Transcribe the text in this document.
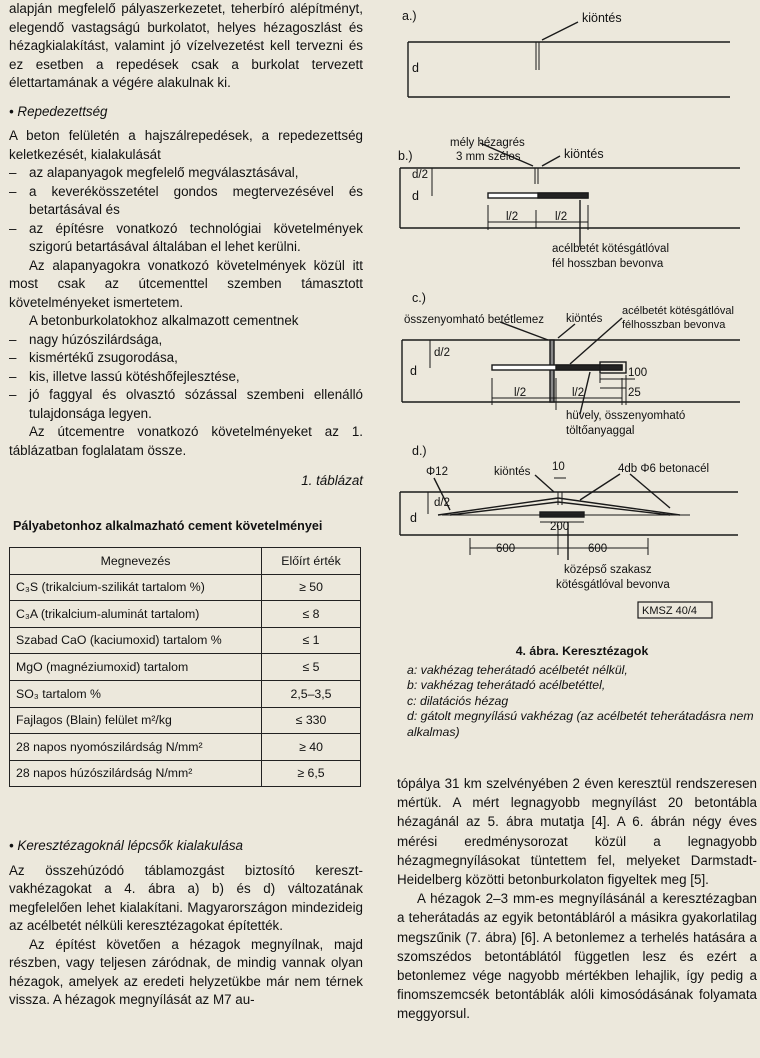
alapján megfelelő pályaszerkezetet, teherbíró alépítményt, elegendő vastagságú burkolatot, helyes hézagoszlást és hézagkialakítást, valamint jó vízelvezetést kell tervezni és ez esetben a repedések csak a burkolat tervezett élettartamának a végére alakulnak ki.

• Repedezettség

A beton felületén a hajszálrepedések, a repedezettség keletkezését, kialakulását

– az alapanyagok megfelelő megválasztásával,
– a keverékösszetétel gondos megtervezésével és betartásával és
– az építésre vonatkozó technológiai követelmények szigorú betartásával általában el lehet kerülni.

Az alapanyagokra vonatkozó követelmények közül itt most csak az útcementtel szemben támasztott követelményeket ismertetem.

A betonburkolatokhoz alkalmazott cementnek

– nagy húzószilárdsága,
– kismértékű zsugorodása,
– kis, illetve lassú kötéshőfejlesztése,
– jó faggyal és olvasztó sózással szembeni ellenálló tulajdonsága legyen.

Az útcementre vonatkozó követelményeket az 1. táblázatban foglalatam össze.

1. táblázat

Pályabetonhoz alkalmazható cement követelményei

Megnevezés	Előírt érték
C₃S (trikalcium-szilikát tartalom %)	≥ 50
C₃A (trikalcium-aluminát tartalom)	≤ 8
Szabad CaO (kaciumoxid) tartalom %	≤ 1
MgO (magnéziumoxid) tartalom	≤ 5
SO₃ tartalom %	2,5–3,5
Fajlagos (Blain) felület m²/kg	≤ 330
28 napos nyomószilárdság N/mm²	≥ 40
28 napos húzószilárdság N/mm²	≥ 6,5

• Keresztézagoknál lépcsők kialakulása

Az összehúzódó táblamozgást biztosító kereszt-vakhézagokat a 4. ábra a) b) és d) változatának megfelelően lehet kialakítani. Magyarországon mindezideig az acélbetét nélküli keresztézagokat építették.

Az építést követően a hézagok megnyílnak, majd részben, vagy teljesen záródnak, de mindig vannak olyan hézagok, amelyek az eredeti helyzetükbe már nem térnek vissza. A hézagok megnyílását az M7 au-

a.)	kiöntés
d
b.)
mély hézagrés
3 mm széles	kiöntés
d/2
d
l/2	l/2
acélbetét kötésgátlóval
fél hosszban bevonva
c.)
összenyomható betétlemez kiöntés
acélbetét kötésgátlóval
félhosszban bevonva
d/2
d	100
25
l/2	l/2
hüvely, összenyomható
töltőanyaggal
d.)
Φ12	kiöntés 10	4db Φ6 betonacél
d/2
d
200
600	600
középső szakasz
kötésgátlóval bevonva
KMSZ 40/4
4. ábra. Keresztézagok
a: vakhézag teherátadó acélbetét nélkül,
b: vakhézag teherátadó acélbetéttel,
c: dilatációs hézag
d: gátolt megnyílású vakhézag (az acélbetét teherátadásra nem alkalmas)

tópálya 31 km szelvényében 2 éven keresztül rendszeresen mértük. A mért legnagyobb megnyílást 20 betontábla hézagánál az 5. ábra mutatja [4]. A 6. ábrán négy éves mérési eredménysorozat közül a legnagyobb hézagmegnyílásokat tüntettem fel, melyeket Darmstadt-Heidelberg közötti betonburkolaton figyeltek meg [5].

A hézagok 2–3 mm-es megnyílásánál a keresztézagban a teherátadás az egyik betontábláról a másikra gyakorlatilag megszűnik (7. ábra) [6]. A betonlemez a terhelés hatására a szomszédos betontáblától független lesz és ezért a betonlemez vége nagyobb mértékben lehajlik, így pedig a finomszemcsék betontáblák alóli kimosódásának folyamata meggyorsul.
